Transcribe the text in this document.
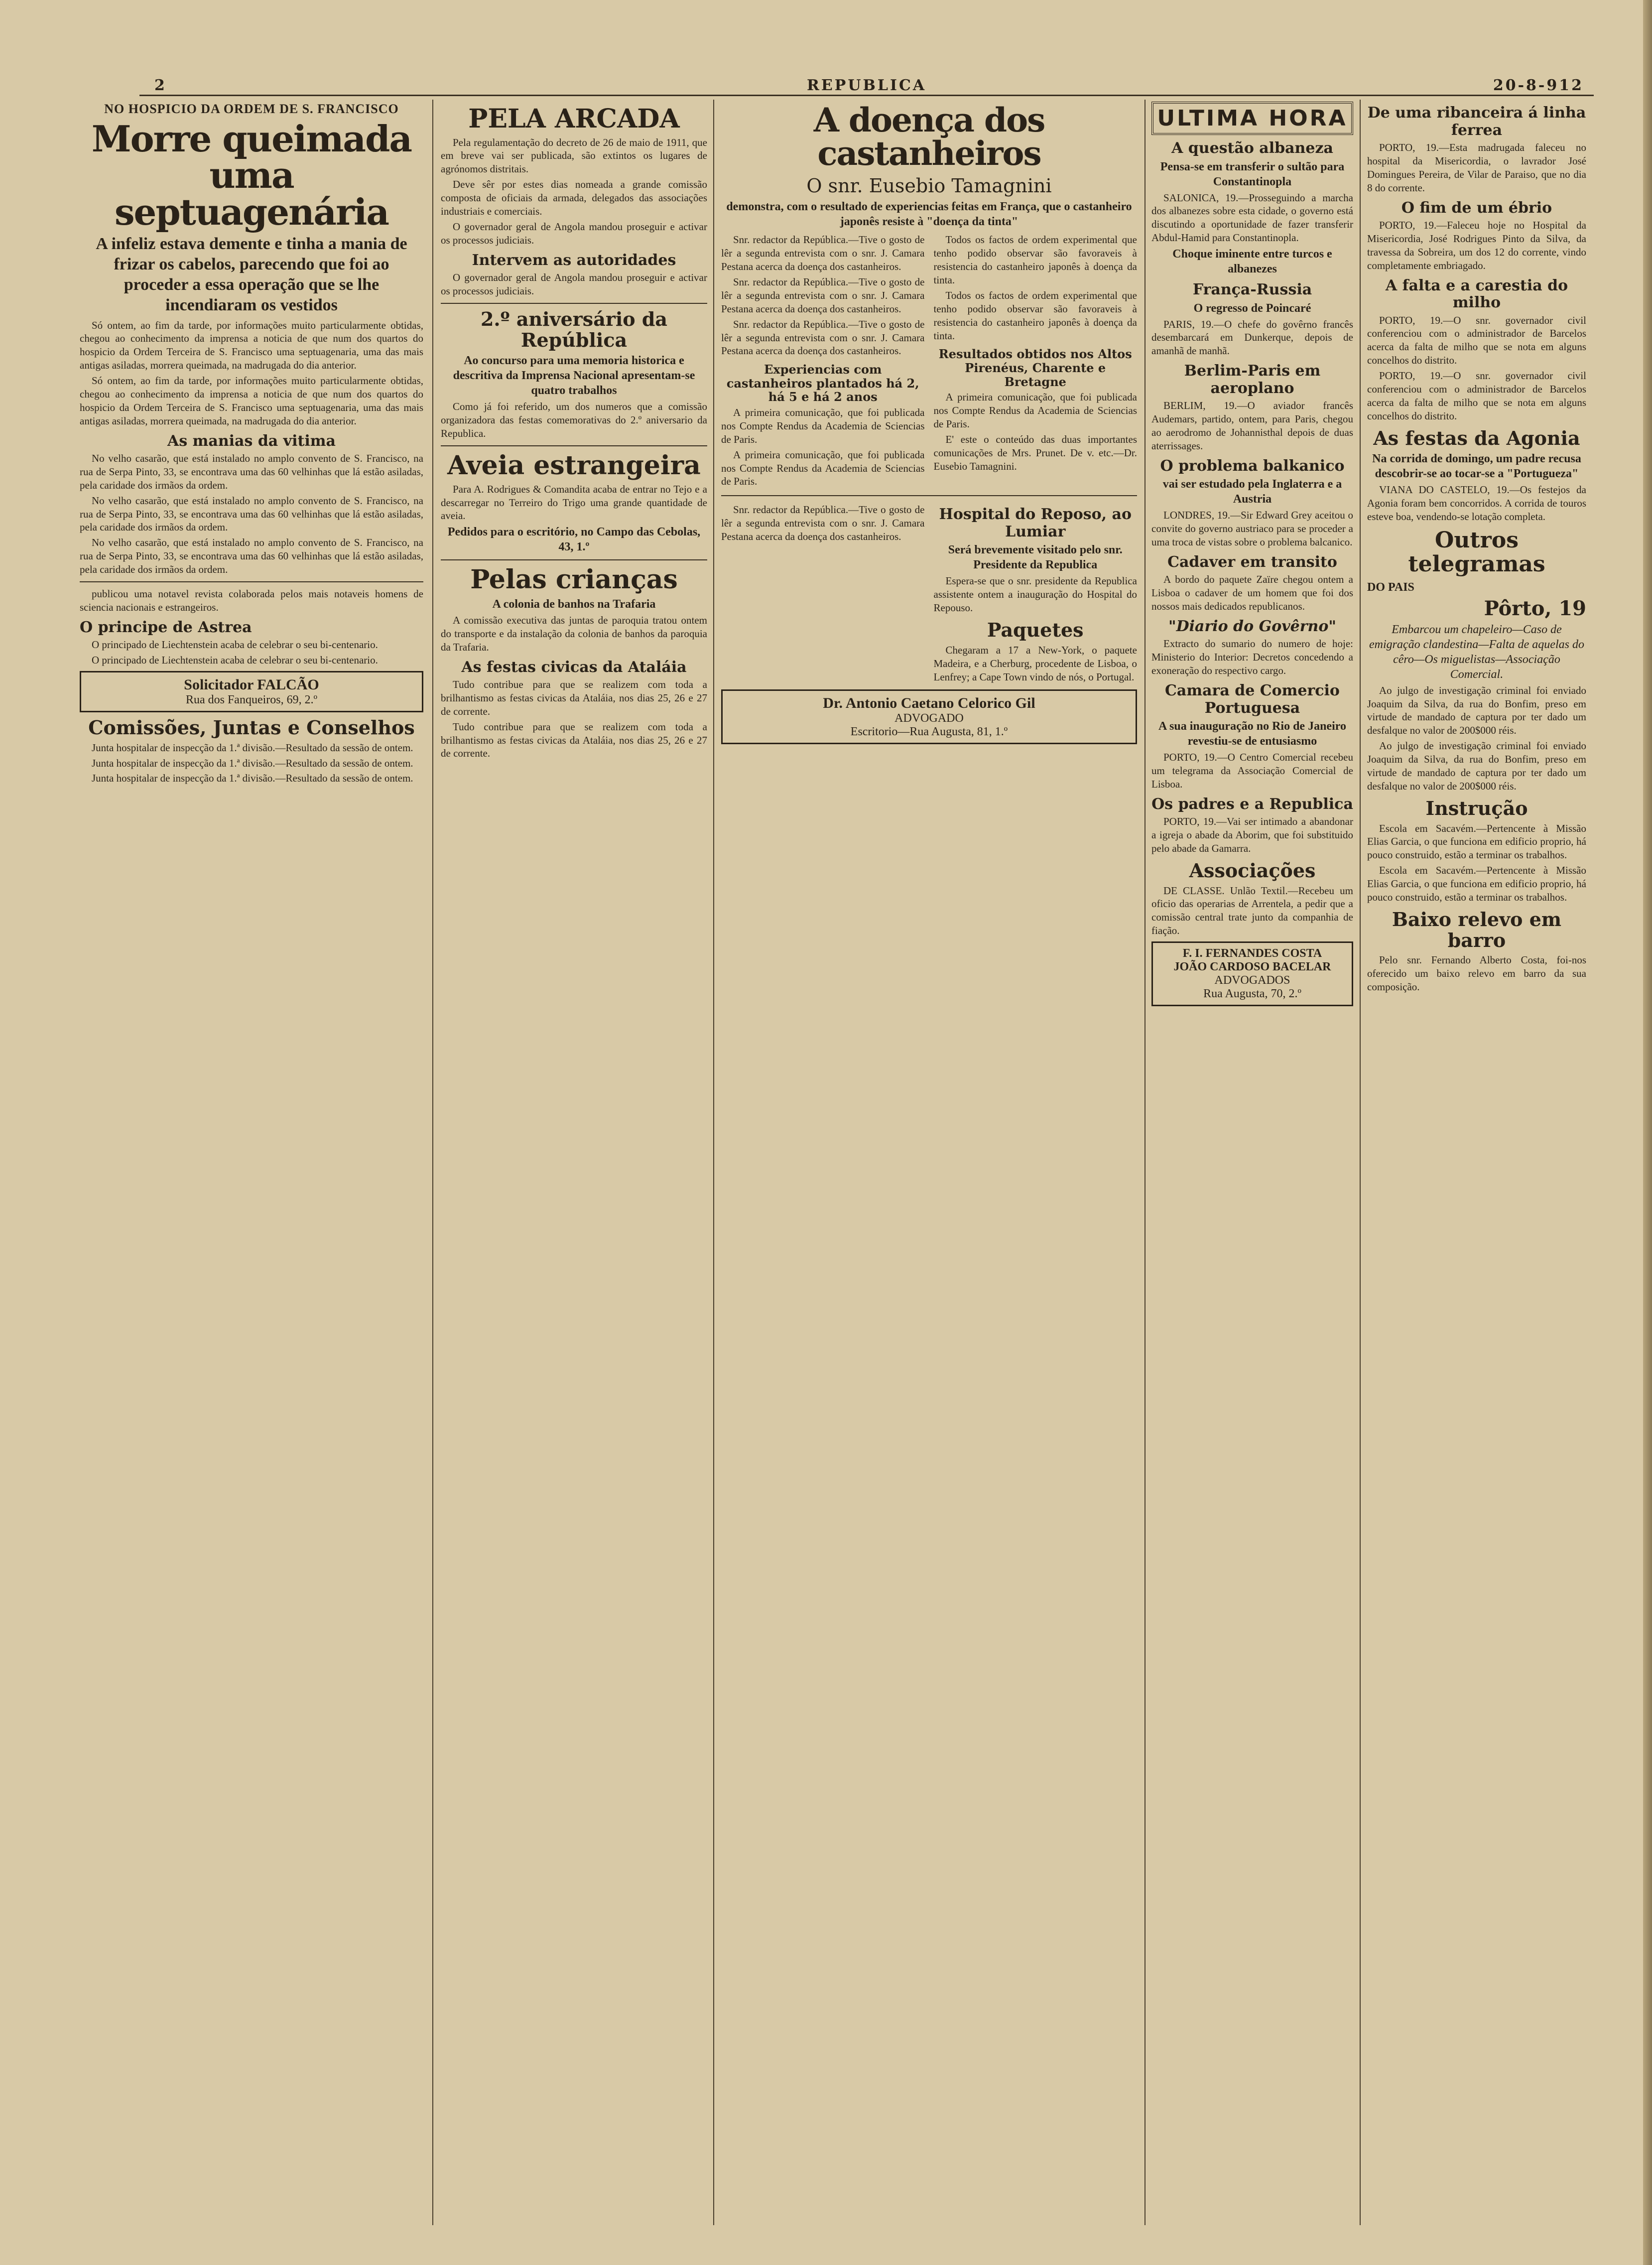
2	REPUBLICA	20-8-912
NO HOSPICIO DA ORDEM DE S. FRANCISCO
Morre queimada uma septuagenária
A infeliz estava demente e tinha a mania de frizar os cabelos, parecendo que foi ao proceder a essa operação que se lhe incendiaram os vestidos

Só ontem, ao fim da tarde, por informações muito particularmente obtidas, chegou ao conhecimento da imprensa a noticia de que num dos quartos do hospicio da Ordem Terceira de S. Francisco uma septuagenaria, uma das mais antigas asiladas, morrera queimada, na madrugada do dia anterior.

Só ontem, ao fim da tarde, por informações muito particularmente obtidas, chegou ao conhecimento da imprensa a noticia de que num dos quartos do hospicio da Ordem Terceira de S. Francisco uma septuagenaria, uma das mais antigas asiladas, morrera queimada, na madrugada do dia anterior.

As manias da vitima

No velho casarão, que está instalado no amplo convento de S. Francisco, na rua de Serpa Pinto, 33, se encontrava uma das 60 velhinhas que lá estão asiladas, pela caridade dos irmãos da ordem.

No velho casarão, que está instalado no amplo convento de S. Francisco, na rua de Serpa Pinto, 33, se encontrava uma das 60 velhinhas que lá estão asiladas, pela caridade dos irmãos da ordem.

No velho casarão, que está instalado no amplo convento de S. Francisco, na rua de Serpa Pinto, 33, se encontrava uma das 60 velhinhas que lá estão asiladas, pela caridade dos irmãos da ordem.

publicou uma notavel revista colaborada pelos mais notaveis homens de sciencia nacionais e estrangeiros.

O principe de Astrea

O principado de Liechtenstein acaba de celebrar o seu bi-centenario.

O principado de Liechtenstein acaba de celebrar o seu bi-centenario.

Solicitador FALCÃO
Rua dos Fanqueiros, 69, 2.º
Comissões, Juntas e Conselhos

Junta hospitalar de inspecção da 1.ª divisão.—Resultado da sessão de ontem.

Junta hospitalar de inspecção da 1.ª divisão.—Resultado da sessão de ontem.

Junta hospitalar de inspecção da 1.ª divisão.—Resultado da sessão de ontem.

PELA ARCADA

Pela regulamentação do decreto de 26 de maio de 1911, que em breve vai ser publicada, são extintos os lugares de agrónomos distritais.

Deve sêr por estes dias nomeada a grande comissão composta de oficiais da armada, delegados das associações industriais e comerciais.

O governador geral de Angola mandou proseguir e activar os processos judiciais.

Intervem as autoridades

O governador geral de Angola mandou proseguir e activar os processos judiciais.

2.º aniversário da República
Ao concurso para uma memoria historica e descritiva da Imprensa Nacional apresentam-se quatro trabalhos

Como já foi referido, um dos numeros que a comissão organizadora das festas comemorativas do 2.º aniversario da Republica.

Aveia estrangeira

Para A. Rodrigues & Comandita acaba de entrar no Tejo e a descarregar no Terreiro do Trigo uma grande quantidade de aveia.

Pedidos para o escritório, no Campo das Cebolas, 43, 1.º
Pelas crianças
A colonia de banhos na Trafaria

A comissão executiva das juntas de paroquia tratou ontem do transporte e da instalação da colonia de banhos da paroquia da Trafaria.

As festas civicas da Ataláia

Tudo contribue para que se realizem com toda a brilhantismo as festas civicas da Ataláia, nos dias 25, 26 e 27 de corrente.

Tudo contribue para que se realizem com toda a brilhantismo as festas civicas da Ataláia, nos dias 25, 26 e 27 de corrente.

A doença dos castanheiros
O snr. Eusebio Tamagnini
demonstra, com o resultado de experiencias feitas em França, que o castanheiro japonês resiste à "doença da tinta"

Snr. redactor da República.—Tive o gosto de lêr a segunda entrevista com o snr. J. Camara Pestana acerca da doença dos castanheiros.

Snr. redactor da República.—Tive o gosto de lêr a segunda entrevista com o snr. J. Camara Pestana acerca da doença dos castanheiros.

Snr. redactor da República.—Tive o gosto de lêr a segunda entrevista com o snr. J. Camara Pestana acerca da doença dos castanheiros.

Experiencias com castanheiros plantados há 2, há 5 e há 2 anos

A primeira comunicação, que foi publicada nos Compte Rendus da Academia de Sciencias de Paris.

A primeira comunicação, que foi publicada nos Compte Rendus da Academia de Sciencias de Paris.

Todos os factos de ordem experimental que tenho podido observar são favoraveis à resistencia do castanheiro japonês à doença da tinta.

Todos os factos de ordem experimental que tenho podido observar são favoraveis à resistencia do castanheiro japonês à doença da tinta.

Resultados obtidos nos Altos Pirenéus, Charente e Bretagne

A primeira comunicação, que foi publicada nos Compte Rendus da Academia de Sciencias de Paris.

E' este o conteúdo das duas importantes comunicações de Mrs. Prunet. De v. etc.—Dr. Eusebio Tamagnini.

Snr. redactor da República.—Tive o gosto de lêr a segunda entrevista com o snr. J. Camara Pestana acerca da doença dos castanheiros.

Hospital do Reposo, ao Lumiar
Será brevemente visitado pelo snr. Presidente da Republica

Espera-se que o snr. presidente da Republica assistente ontem a inauguração do Hospital do Repouso.

Paquetes

Chegaram a 17 a New-York, o paquete Madeira, e a Cherburg, procedente de Lisboa, o Lenfrey; a Cape Town vindo de nós, o Portugal.

Dr. Antonio Caetano Celorico Gil
ADVOGADO
Escritorio—Rua Augusta, 81, 1.º
ULTIMA HORA
A questão albaneza
Pensa-se em transferir o sultão para Constantinopla

SALONICA, 19.—Prosseguindo a marcha dos albanezes sobre esta cidade, o governo está discutindo a oportunidade de fazer transferir Abdul-Hamid para Constantinopla.

Choque iminente entre turcos e albanezes
França-Russia
O regresso de Poincaré

PARIS, 19.—O chefe do govêrno francês desembarcará em Dunkerque, depois de amanhã de manhã.

Berlim-Paris em aeroplano

BERLIM, 19.—O aviador francês Audemars, partido, ontem, para Paris, chegou ao aerodromo de Johannisthal depois de duas aterrissages.

O problema balkanico
vai ser estudado pela Inglaterra e a Austria

LONDRES, 19.—Sir Edward Grey aceitou o convite do governo austriaco para se proceder a uma troca de vistas sobre o problema balcanico.

Cadaver em transito

A bordo do paquete Zaïre chegou ontem a Lisboa o cadaver de um homem que foi dos nossos mais dedicados republicanos.

"Diario do Govêrno"

Extracto do sumario do numero de hoje: Ministerio do Interior: Decretos concedendo a exoneração do respectivo cargo.

Camara de Comercio Portuguesa
A sua inauguração no Rio de Janeiro revestiu-se de entusiasmo

PORTO, 19.—O Centro Comercial recebeu um telegrama da Associação Comercial de Lisboa.

Os padres e a Republica

PORTO, 19.—Vai ser intimado a abandonar a igreja o abade da Aborim, que foi substituido pelo abade da Gamarra.

Associações

DE CLASSE. Unlão Textil.—Recebeu um oficio das operarias de Arrentela, a pedir que a comissão central trate junto da companhia de fiação.

F. I. FERNANDES COSTA
JOÃO CARDOSO BACELAR
ADVOGADOS
Rua Augusta, 70, 2.º
De uma ribanceira á linha ferrea

PORTO, 19.—Esta madrugada faleceu no hospital da Misericordia, o lavrador José Domingues Pereira, de Vilar de Paraiso, que no dia 8 do corrente.

O fim de um ébrio

PORTO, 19.—Faleceu hoje no Hospital da Misericordia, José Rodrigues Pinto da Silva, da travessa da Sobreira, um dos 12 do corrente, vindo completamente embriagado.

A falta e a carestia do milho

PORTO, 19.—O snr. governador civil conferenciou com o administrador de Barcelos acerca da falta de milho que se nota em alguns concelhos do distrito.

PORTO, 19.—O snr. governador civil conferenciou com o administrador de Barcelos acerca da falta de milho que se nota em alguns concelhos do distrito.

As festas da Agonia
Na corrida de domingo, um padre recusa descobrir-se ao tocar-se a "Portugueza"

VIANA DO CASTELO, 19.—Os festejos da Agonia foram bem concorridos. A corrida de touros esteve boa, vendendo-se lotação completa.

Outros telegramas
DO PAIS
Pôrto, 19
Embarcou um chapeleiro—Caso de emigração clandestina—Falta de aquelas do cêro—Os miguelistas—Associação Comercial.

Ao julgo de investigação criminal foi enviado Joaquim da Silva, da rua do Bonfim, preso em virtude de mandado de captura por ter dado um desfalque no valor de 200$000 réis.

Ao julgo de investigação criminal foi enviado Joaquim da Silva, da rua do Bonfim, preso em virtude de mandado de captura por ter dado um desfalque no valor de 200$000 réis.

Instrução

Escola em Sacavém.—Pertencente à Missão Elias Garcia, o que funciona em edificio proprio, há pouco construido, estão a terminar os trabalhos.

Escola em Sacavém.—Pertencente à Missão Elias Garcia, o que funciona em edificio proprio, há pouco construido, estão a terminar os trabalhos.

Baixo relevo em barro

Pelo snr. Fernando Alberto Costa, foi-nos oferecido um baixo relevo em barro da sua composição.
